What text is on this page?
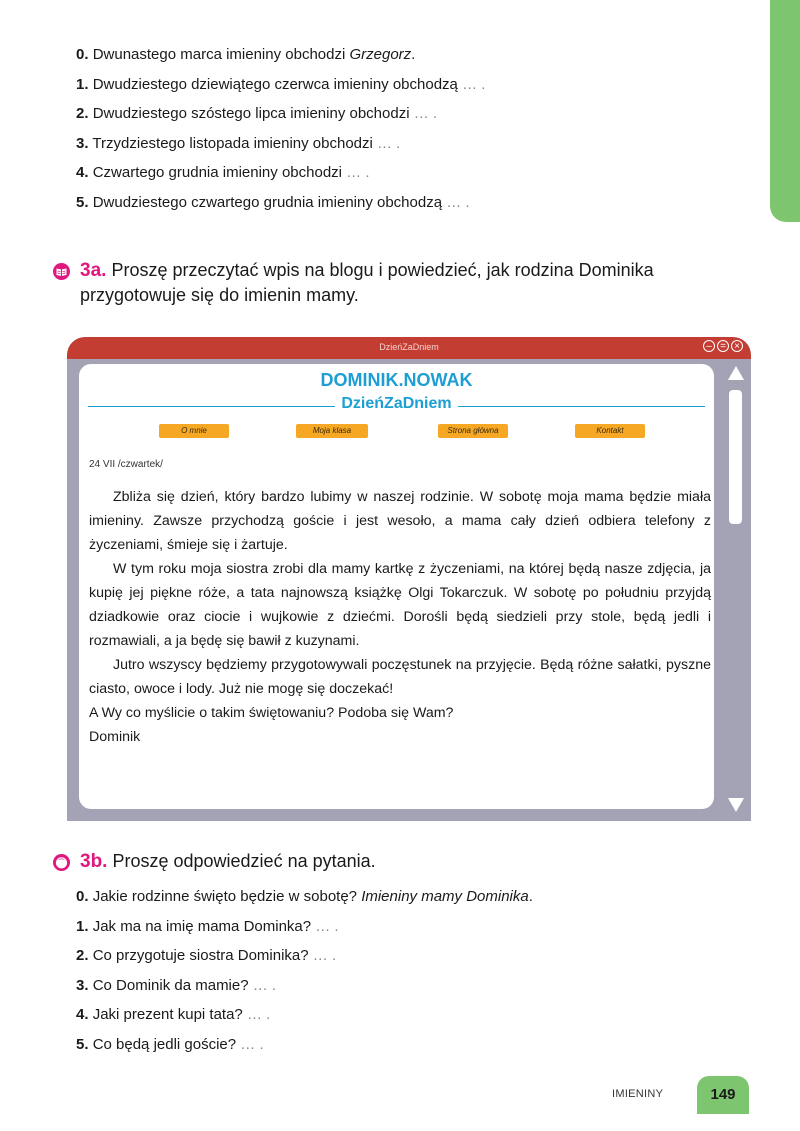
0. Dwunastego marca imieniny obchodzi Grzegorz.
1. Dwudziestego dziewiątego czerwca imieniny obchodzą … .
2. Dwudziestego szóstego lipca imieniny obchodzi … .
3. Trzydziestego listopada imieniny obchodzi … .
4. Czwartego grudnia imieniny obchodzi … .
5. Dwudziestego czwartego grudnia imieniny obchodzą … .
3a. Proszę przeczytać wpis na blogu i powiedzieć, jak rodzina Dominika
przygotowuje się do imienin mamy.
DzieńZaDniem	– = ×
DOMINIK.NOWAK
DzieńZaDniem
O mnie	Moja klasa	Strona główna	Kontakt
24 VII /czwartek/

Zbliża się dzień, który bardzo lubimy w naszej rodzinie. W sobotę moja mama będzie miała imieniny. Zawsze przychodzą goście i jest wesoło, a mama cały dzień odbiera telefony z życzeniami, śmieje się i żartuje.

W tym roku moja siostra zrobi dla mamy kartkę z życzeniami, na której będą nasze zdjęcia, ja kupię jej piękne róże, a tata najnowszą książkę Olgi Tokarczuk. W sobotę po południu przyjdą dziadkowie oraz ciocie i wujkowie z dziećmi. Dorośli będą siedzieli przy stole, będą jedli i rozmawiali, a ja będę się bawił z kuzynami.

Jutro wszyscy będziemy przygotowywali poczęstunek na przyjęcie. Będą różne sałatki, pyszne ciasto, owoce i lody. Już nie mogę się doczekać!

A Wy co myślicie o takim świętowaniu? Podoba się Wam?

Dominik

3b. Proszę odpowiedzieć na pytania.
0. Jakie rodzinne święto będzie w sobotę? Imieniny mamy Dominika.
1. Jak ma na imię mama Dominka? … .
2. Co przygotuje siostra Dominika? … .
3. Co Dominik da mamie? … .
4. Jaki prezent kupi tata? … .
5. Co będą jedli goście? … .
IMIENINY	149
